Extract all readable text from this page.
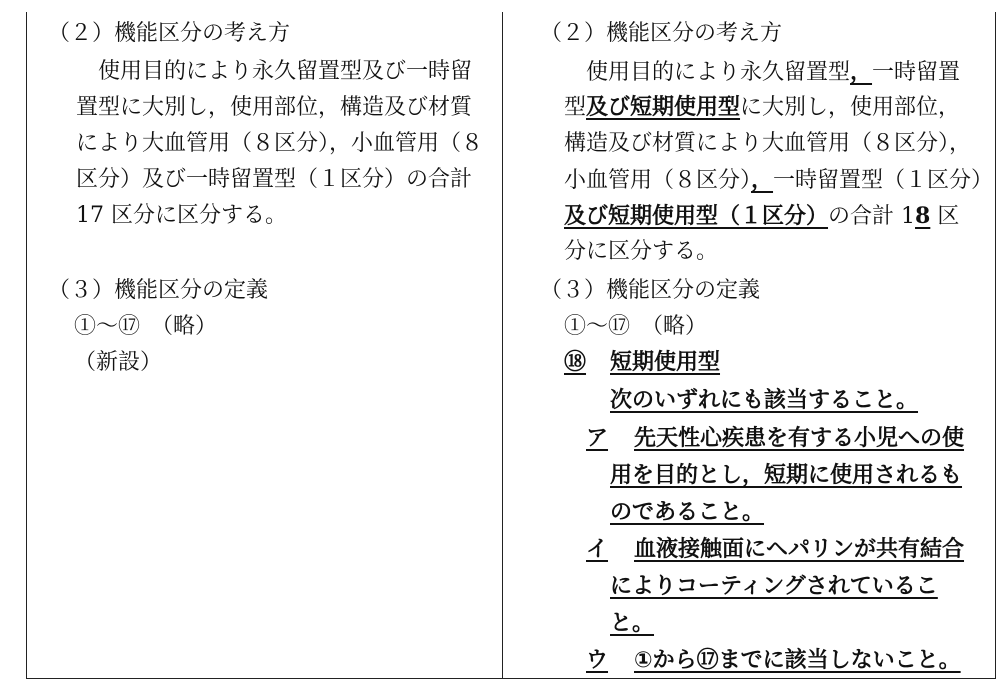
（２）機能区分の考え方
　使用目的により永久留置型及び一時留
置型に大別し，使用部位，構造及び材質
により大血管用（８区分），小血管用（８
区分）及び一時留置型（１区分）の合計
17 区分に区分する。
（３）機能区分の定義
①～⑰　（略）
（新設）
（２）機能区分の考え方
　使用目的により永久留置型，一時留置
型及び短期使用型に大別し，使用部位，
構造及び材質により大血管用（８区分），
小血管用（８区分），一時留置型（１区分）
及び短期使用型（１区分）の合計 18 区
分に区分する。
（３）機能区分の定義
①～⑰　（略）
⑱ 短期使用型
次のいずれにも該当すること。
ア 先天性心疾患を有する小児への使
用を目的とし，短期に使用されるも
のであること。
イ 血液接触面にヘパリンが共有結合
によりコーティングされているこ
と。
ウ ①から⑰までに該当しないこと。
